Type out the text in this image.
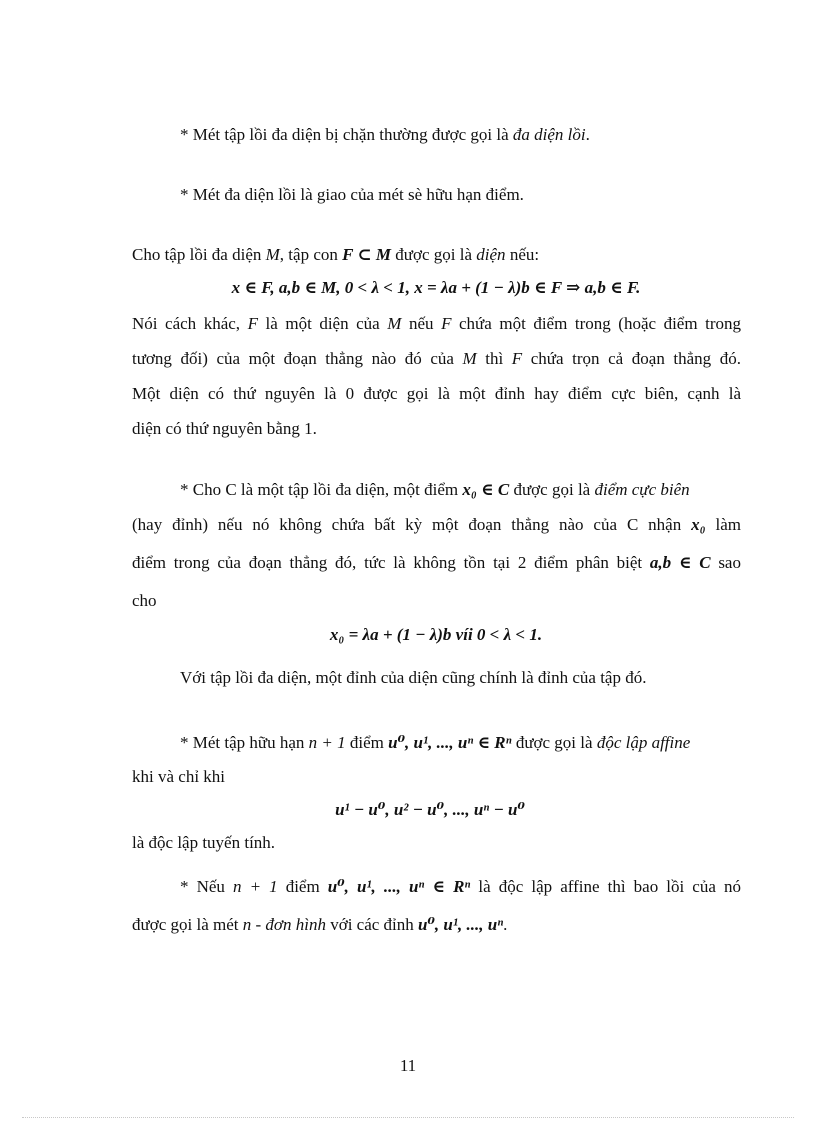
* Mét tập lồi đa diện bị chặn thường được gọi là đa diện lồi.
* Mét đa diện lồi là giao của mét sè hữu hạn điểm.
Cho tập lồi đa diện M, tập con F ⊂ M được gọi là diện nếu:
x ∈ F, a,b ∈ M, 0 < λ < 1, x = λa + (1 − λ)b ∈ F ⇒ a,b ∈ F.
Nói cách khác, F là một diện của M nếu F chứa một điểm trong (hoặc điểm trong
tương đối) của một đoạn thẳng nào đó của M thì F chứa trọn cả đoạn thẳng đó.
Một diện có thứ nguyên là 0 được gọi là một đỉnh hay điểm cực biên, cạnh là
diện có thứ nguyên bằng 1.
* Cho C là một tập lồi đa diện, một điểm x₀ ∈ C được gọi là điểm cực biên
(hay đỉnh) nếu nó không chứa bất kỳ một đoạn thẳng nào của C nhận x₀ làm
điểm trong của đoạn thẳng đó, tức là không tồn tại 2 điểm phân biệt a,b ∈ C sao
cho
x₀ = λa + (1 − λ)b víi 0 < λ < 1.
Với tập lồi đa diện, một đỉnh của diện cũng chính là đỉnh của tập đó.
* Mét tập hữu hạn n + 1 điểm u⁰, u¹, ..., uⁿ ∈ Rⁿ được gọi là độc lập affine
khi và chỉ khi
u¹ − u⁰, u² − u⁰, ..., uⁿ − u⁰
là độc lập tuyến tính.
* Nếu n + 1 điểm u⁰, u¹, ..., uⁿ ∈ Rⁿ là độc lập affine thì bao lồi của nó
được gọi là mét n - đơn hình với các đỉnh u⁰, u¹, ..., uⁿ.
11
